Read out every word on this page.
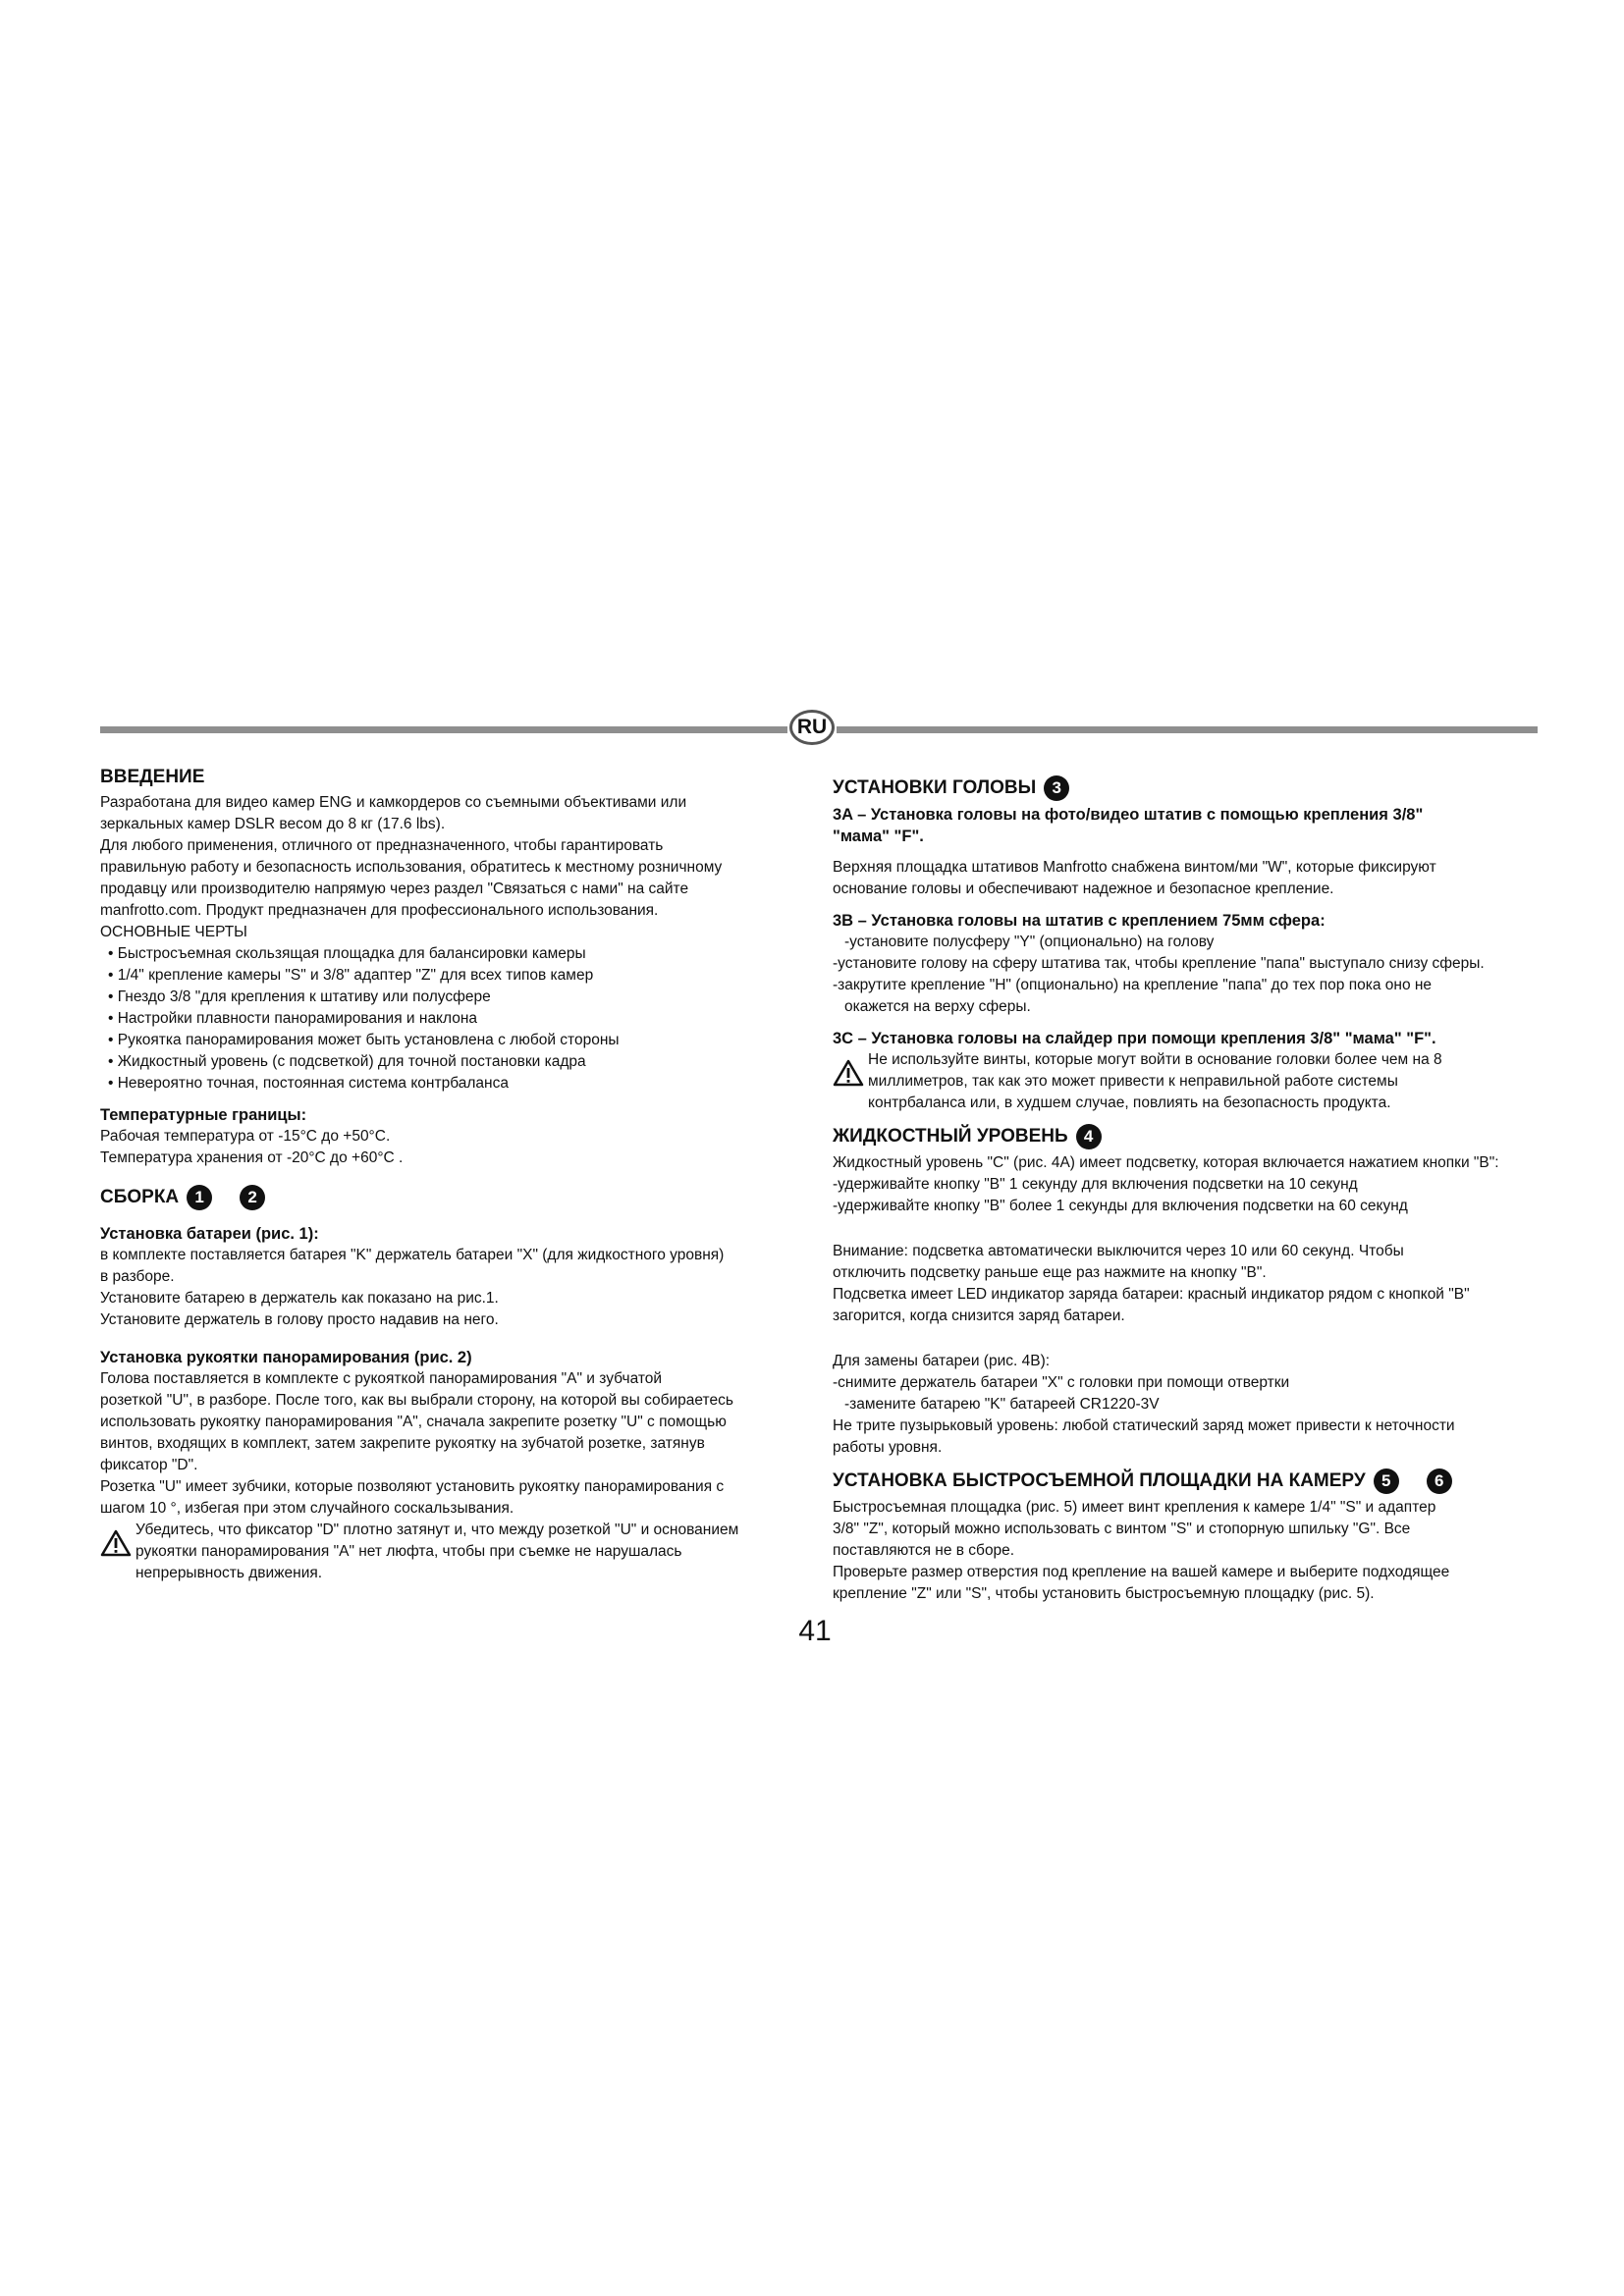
RU
ВВЕДЕНИЕ

Разработана для видео камер ENG и камкордеров со съемными объективами или

зеркальных камер DSLR весом до 8 кг (17.6 lbs).

Для любого применения, отличного от предназначенного, чтобы гарантировать

правильную работу и безопасность использования, обратитесь к местному розничному

продавцу или производителю напрямую через раздел "Связаться с нами" на сайте

manfrotto.com. Продукт предназначен для профессионального использования.

ОСНОВНЫЕ ЧЕРТЫ

• Быстросъемная скользящая площадка для балансировки камеры
• 1/4" крепление камеры "S" и 3/8" адаптер "Z" для всех типов камер
• Гнездо 3/8 "для крепления к штативу или полусфере
• Настройки плавности панорамирования и наклона
• Рукоятка панорамирования может быть установлена с любой стороны
• Жидкостный уровень (с подсветкой) для точной постановки кадра
• Невероятно точная, постоянная система контрбаланса
Температурные границы:

Рабочая температура от -15°C до +50°C.

Температура хранения от -20°C до +60°C .

СБОРКА 1	2
Установка батареи (рис. 1):

в комплекте поставляется батарея "K" держатель батареи "X" (для жидкостного уровня)

в разборе.

Установите батарею в держатель как показано на рис.1.

Установите держатель в голову просто надавив на него.

Установка рукоятки панорамирования (рис. 2)

Голова поставляется в комплекте с рукояткой панорамирования "A" и зубчатой

розеткой "U", в разборе. После того, как вы выбрали сторону, на которой вы собираетесь

использовать рукоятку панорамирования "A", сначала закрепите розетку "U" с помощью

винтов, входящих в комплект, затем закрепите рукоятку на зубчатой розетке, затянув

фиксатор "D".

Розетка "U" имеет зубчики, которые позволяют установить рукоятку панорамирования с

шагом 10 °, избегая при этом случайного соскальзывания.

Убедитесь, что фиксатор "D" плотно затянут и, что между розеткой "U" и основанием

рукоятки панорамирования "A" нет люфта, чтобы при съемке не нарушалась

непрерывность движения.

УСТАНОВКИ ГОЛОВЫ 3
3A – Установка головы на фото/видео штатив с помощью крепления 3/8"
"мама" "F".

Верхняя площадка штативов Manfrotto снабжена винтом/ми "W", которые фиксируют

основание головы и обеспечивают надежное и безопасное крепление.

3B – Установка головы на штатив с креплением 75мм сфера:

-установите полусферу "Y" (опционально) на голову

-установите голову на сферу штатива так, чтобы крепление "папа" выступало снизу сферы.

-закрутите крепление "H" (опционально) на крепление "папа" до тех пор пока оно не

окажется на верху сферы.

3C – Установка головы на слайдер при помощи крепления 3/8" "мама" "F".

Не используйте винты, которые могут войти в основание головки более чем на 8

миллиметров, так как это может привести к неправильной работе системы

контрбаланса или, в худшем случае, повлиять на безопасность продукта.

ЖИДКОСТНЫЙ УРОВЕНЬ 4

Жидкостный уровень "C" (рис. 4A) имеет подсветку, которая включается нажатием кнопки "B":

-удерживайте кнопку "B" 1 секунду для включения подсветки на 10 секунд

-удерживайте кнопку "B" более 1 секунды для включения подсветки на 60 секунд

Внимание: подсветка автоматически выключится через 10 или 60 секунд. Чтобы

отключить подсветку раньше еще раз нажмите на кнопку "B".

Подсветка имеет LED индикатор заряда батареи: красный индикатор рядом с кнопкой "B"

загорится, когда снизится заряд батареи.

Для замены батареи (рис. 4B):

-снимите держатель батареи "X" с головки при помощи отвертки

-замените батарею "K" батареей CR1220-3V

Не трите пузырьковый уровень: любой статический заряд может привести к неточности

работы уровня.

УСТАНОВКА БЫСТРОСЪЕМНОЙ ПЛОЩАДКИ НА КАМЕРУ 5	6

Быстросъемная площадка (рис. 5) имеет винт крепления к камере 1/4" "S" и адаптер

3/8" "Z", который можно использовать с винтом "S" и стопорную шпильку "G". Все

поставляются не в сборе.

Проверьте размер отверстия под крепление на вашей камере и выберите подходящее

крепление "Z" или "S", чтобы установить быстросъемную площадку (рис. 5).

41
